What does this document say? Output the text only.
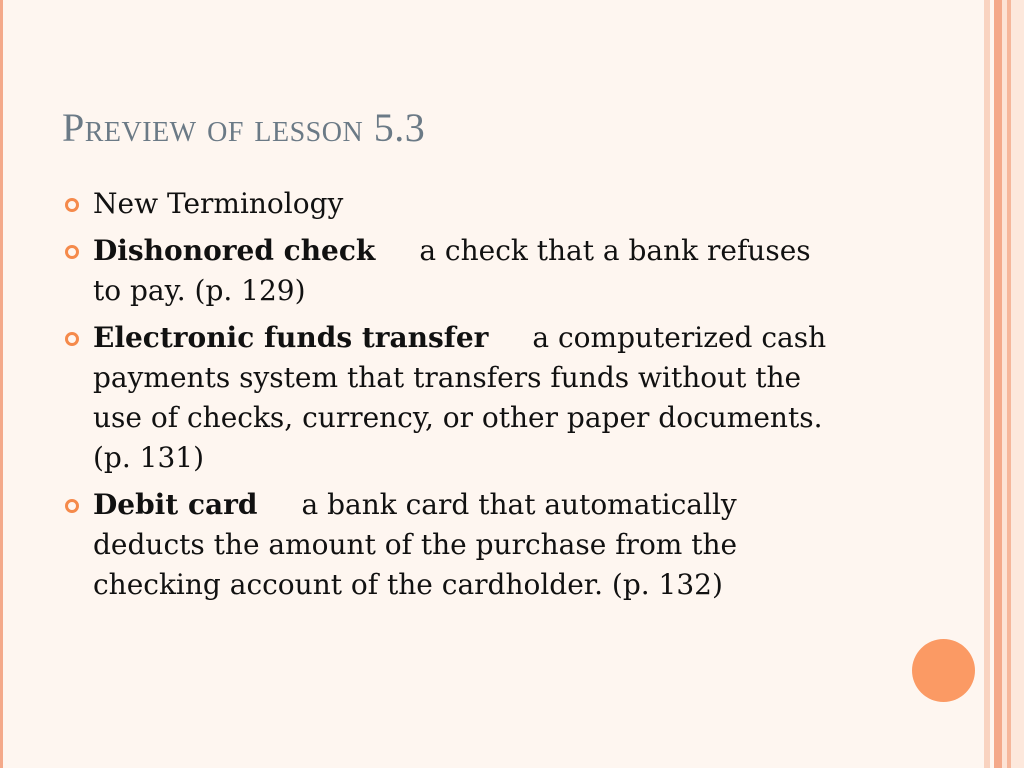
Preview of lesson 5.3
New Terminology
Dishonored check a check that a bank refuses to pay. (p. 129)
Electronic funds transfer a computerized cash payments system that transfers funds without the use of checks, currency, or other paper documents. (p. 131)
Debit card a bank card that automatically deducts the amount of the purchase from the checking account of the cardholder. (p. 132)
